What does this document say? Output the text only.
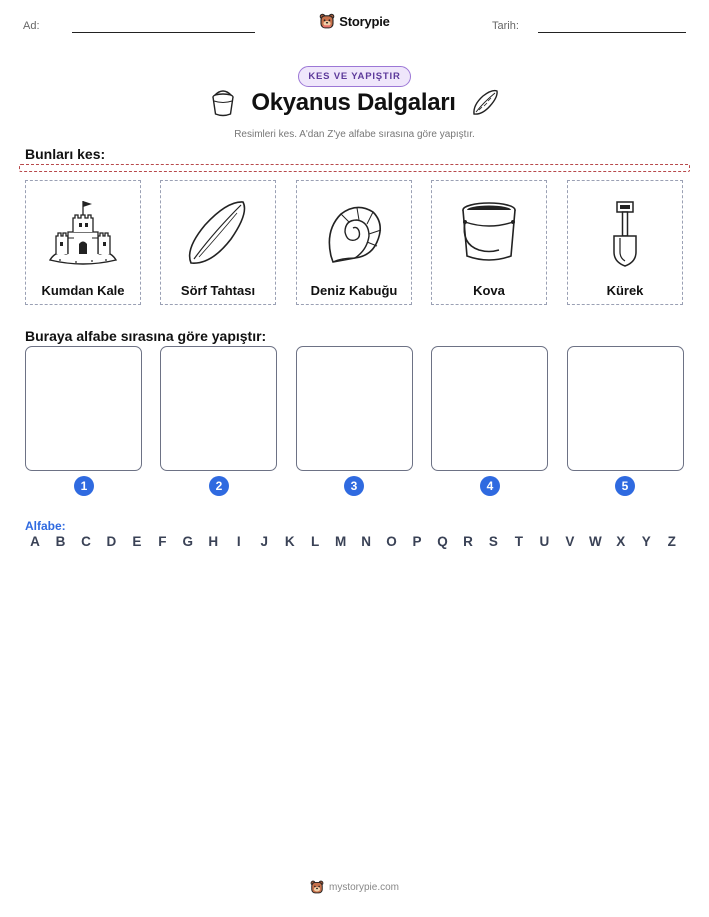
Ad:	Tarih:
Storypie
KES VE YAPIŞTIR
Okyanus Dalgaları
Resimleri kes. A'dan Z'ye alfabe sırasına göre yapıştır.
Bunları kes:
Kumdan Kale	Sörf Tahtası	Deniz Kabuğu	Kova	Kürek
Buraya alfabe sırasına göre yapıştır:
1	2	3	4	5
Alfabe:
A	B	C	D	E	F	G	H	I	J	K	L	M	N	O	P	Q	R	S	T	U	V	W	X	Y	Z
mystorypie.com
